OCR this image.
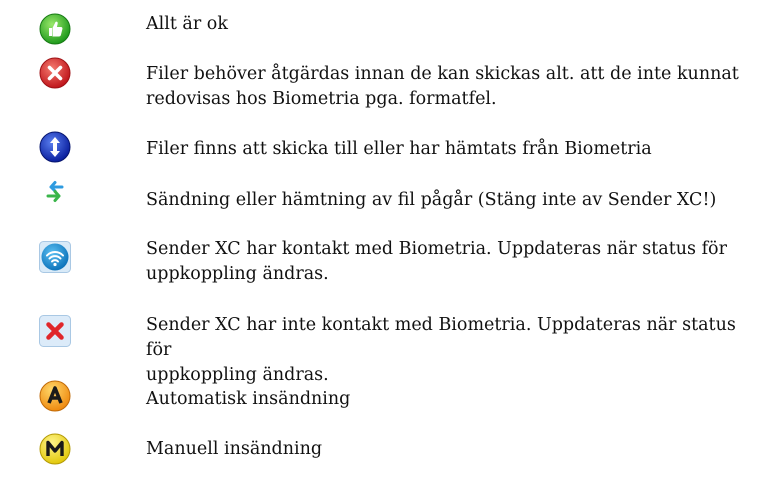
Allt är ok
Filer behöver åtgärdas innan de kan skickas alt. att de inte kunnat
redovisas hos Biometria pga. formatfel.
Filer finns att skicka till eller har hämtats från Biometria
Sändning eller hämtning av fil pågår (Stäng inte av Sender XC!)
Sender XC har kontakt med Biometria. Uppdateras när status för
uppkoppling ändras.
Sender XC har inte kontakt med Biometria. Uppdateras när status för
uppkoppling ändras.
Automatisk insändning
Manuell insändning
